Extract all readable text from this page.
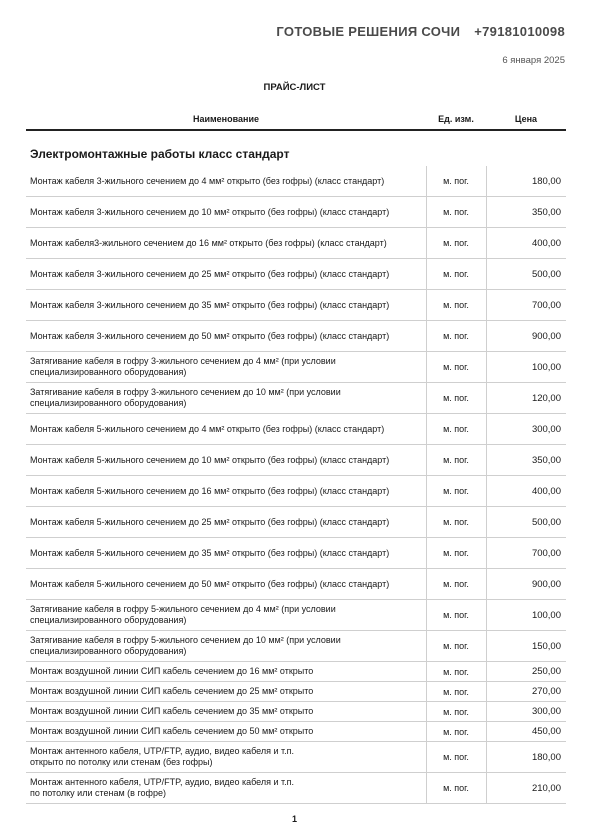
ГОТОВЫЕ РЕШЕНИЯ СОЧИ +79181010098
6 января 2025
ПРАЙС-ЛИСТ
Наименование	Ед. изм.	Цена
Электромонтажные работы класс стандарт
Монтаж кабеля 3-жильного сечением до 4 мм² открыто (без гофры) (класс стандарт)	м. пог.	180,00
Монтаж кабеля 3-жильного сечением до 10 мм² открыто (без гофры) (класс стандарт)	м. пог.	350,00
Монтаж кабеля3-жильного сечением до 16 мм² открыто (без гофры) (класс стандарт)	м. пог.	400,00
Монтаж кабеля 3-жильного сечением до 25 мм² открыто (без гофры) (класс стандарт)	м. пог.	500,00
Монтаж кабеля 3-жильного сечением до 35 мм² открыто (без гофры) (класс стандарт)	м. пог.	700,00
Монтаж кабеля 3-жильного сечением до 50 мм² открыто (без гофры) (класс стандарт)	м. пог.	900,00
Затягивание кабеля в гофру 3-жильного сечением до 4 мм² (при условии специализированного оборудования)	м. пог.	100,00
Затягивание кабеля в гофру 3-жильного сечением до 10 мм² (при условии специализированного оборудования)	м. пог.	120,00
Монтаж кабеля 5-жильного сечением до 4 мм² открыто (без гофры) (класс стандарт)	м. пог.	300,00
Монтаж кабеля 5-жильного сечением до 10 мм² открыто (без гофры) (класс стандарт)	м. пог.	350,00
Монтаж кабеля 5-жильного сечением до 16 мм² открыто (без гофры) (класс стандарт)	м. пог.	400,00
Монтаж кабеля 5-жильного сечением до 25 мм² открыто (без гофры) (класс стандарт)	м. пог.	500,00
Монтаж кабеля 5-жильного сечением до 35 мм² открыто (без гофры) (класс стандарт)	м. пог.	700,00
Монтаж кабеля 5-жильного сечением до 50 мм² открыто (без гофры) (класс стандарт)	м. пог.	900,00
Затягивание кабеля в гофру 5-жильного сечением до 4 мм² (при условии специализированного оборудования)	м. пог.	100,00
Затягивание кабеля в гофру 5-жильного сечением до 10 мм² (при условии специализированного оборудования)	м. пог.	150,00
Монтаж воздушной линии СИП кабель сечением до 16 мм² открыто	м. пог.	250,00
Монтаж воздушной линии СИП кабель сечением до 25 мм² открыто	м. пог.	270,00
Монтаж воздушной линии СИП кабель сечением до 35 мм² открыто	м. пог.	300,00
Монтаж воздушной линии СИП кабель сечением до 50 мм² открыто	м. пог.	450,00
Монтаж антенного кабеля, UTP/FTP, аудио, видео кабеля и т.п.
открыто по потолку или стенам (без гофры)	м. пог.	180,00
Монтаж антенного кабеля, UTP/FTP, аудио, видео кабеля и т.п.
по потолку или стенам (в гофре)	м. пог.	210,00
1
